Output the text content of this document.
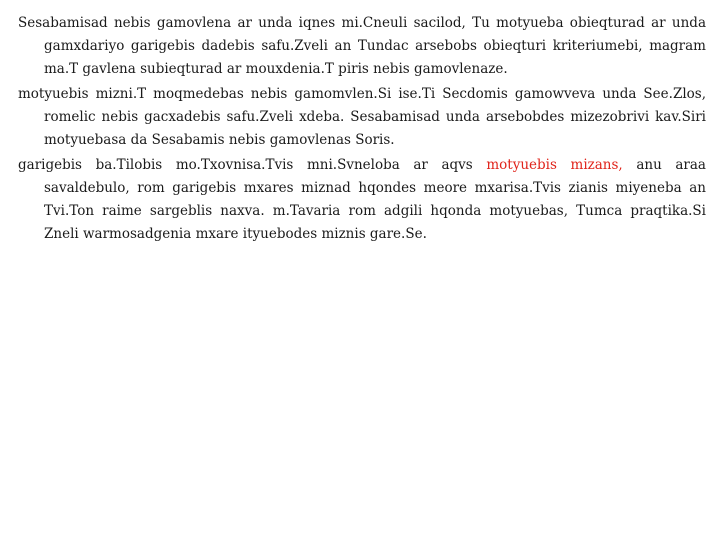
Sesabamisad nebis gamovlena ar unda iqnes mi.Cneuli sacilod, Tu motyueba obieqturad ar unda gamxdariyo garigebis dadebis safu.Zveli an Tundac arsebobs obieqturi kriteriumebi, magram ma.T gavlena subieqturad ar mouxdenia.T piris nebis gamovlenaze.

motyuebis mizni.T moqmedebas nebis gamomvlen.Si ise.Ti Secdomis gamowveva unda See.Zlos, romelic nebis gacxadebis safu.Zveli xdeba. Sesabamisad unda arsebobdes mizezobrivi kav.Siri motyuebasa da Sesabamis nebis gamovlenas Soris.

garigebis ba.Tilobis mo.Txovnisa.Tvis mni.Svneloba ar aqvs motyuebis mizans, anu araa savaldebulo, rom garigebis mxares miznad hqondes meore mxarisa.Tvis zianis miyeneba an Tvi.Ton raime sargeblis naxva. m.Tavaria rom adgili hqonda motyuebas, Tumca praqtika.Si Zneli warmosadgenia mxare ityuebodes miznis gare.Se.
